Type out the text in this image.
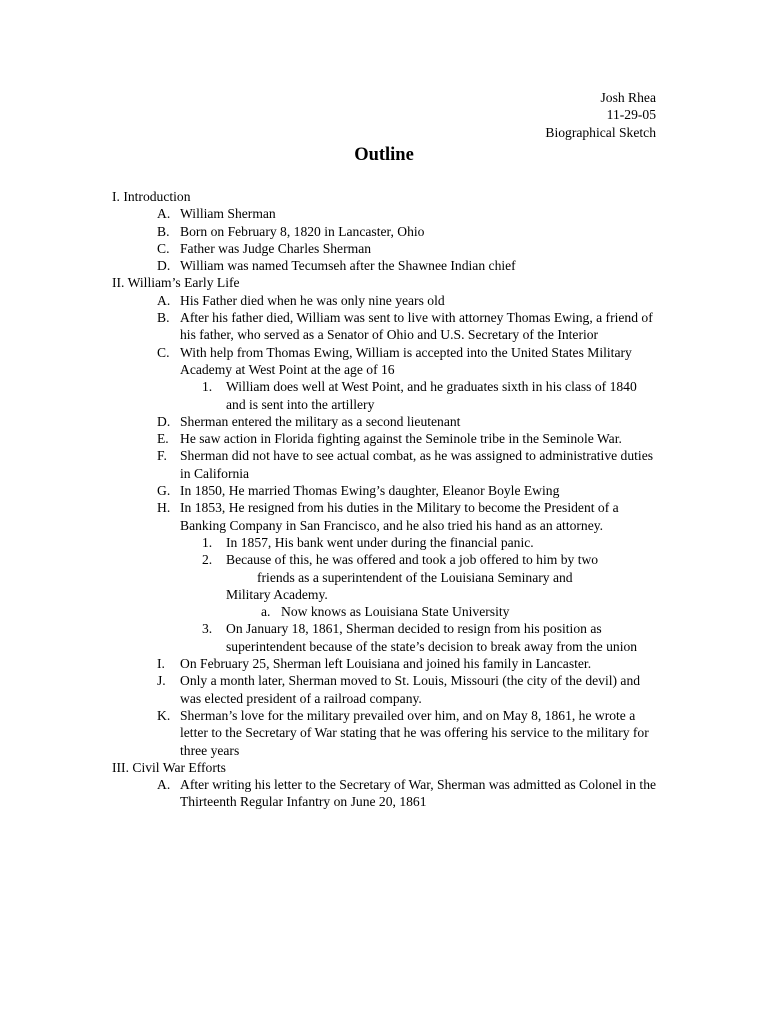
Josh Rhea
11-29-05
Biographical Sketch
Outline
I. Introduction
A. William Sherman
B. Born on February 8, 1820 in Lancaster, Ohio
C. Father was Judge Charles Sherman
D. William was named Tecumseh after the Shawnee Indian chief
II. William’s Early Life
A. His Father died when he was only nine years old
B. After his father died, William was sent to live with attorney Thomas Ewing, a friend of his father, who served as a Senator of Ohio and U.S. Secretary of the Interior
C. With help from Thomas Ewing, William is accepted into the United States Military Academy at West Point at the age of 16
1.	William does well at West Point, and he graduates sixth in his class of 1840 and is sent into the artillery
D. Sherman entered the military as a second lieutenant
E. He saw action in Florida fighting against the Seminole tribe in the Seminole War.
F. Sherman did not have to see actual combat, as he was assigned to administrative duties in California
G. In 1850, He married Thomas Ewing’s daughter, Eleanor Boyle Ewing
H. In 1853, He resigned from his duties in the Military to become the President of a Banking Company in San Francisco, and he also tried his hand as an attorney.
1.	In 1857, His bank went under during the financial panic.
2.	Because of this, he was offered and took a job offered to him by two
friends as a superintendent of the Louisiana Seminary and
Military Academy.
a. Now knows as Louisiana State University
3.	On January 18, 1861, Sherman decided to resign from his position as superintendent because of the state’s decision to break away from the union
I.	On February 25, Sherman left Louisiana and joined his family in Lancaster.
J.	Only a month later, Sherman moved to St. Louis, Missouri (the city of the devil) and was elected president of a railroad company.
K. Sherman’s love for the military prevailed over him, and on May 8, 1861, he wrote a letter to the Secretary of War stating that he was offering his service to the military for three years
III. Civil War Efforts
A. After writing his letter to the Secretary of War, Sherman was admitted as Colonel in the Thirteenth Regular Infantry on June 20, 1861
